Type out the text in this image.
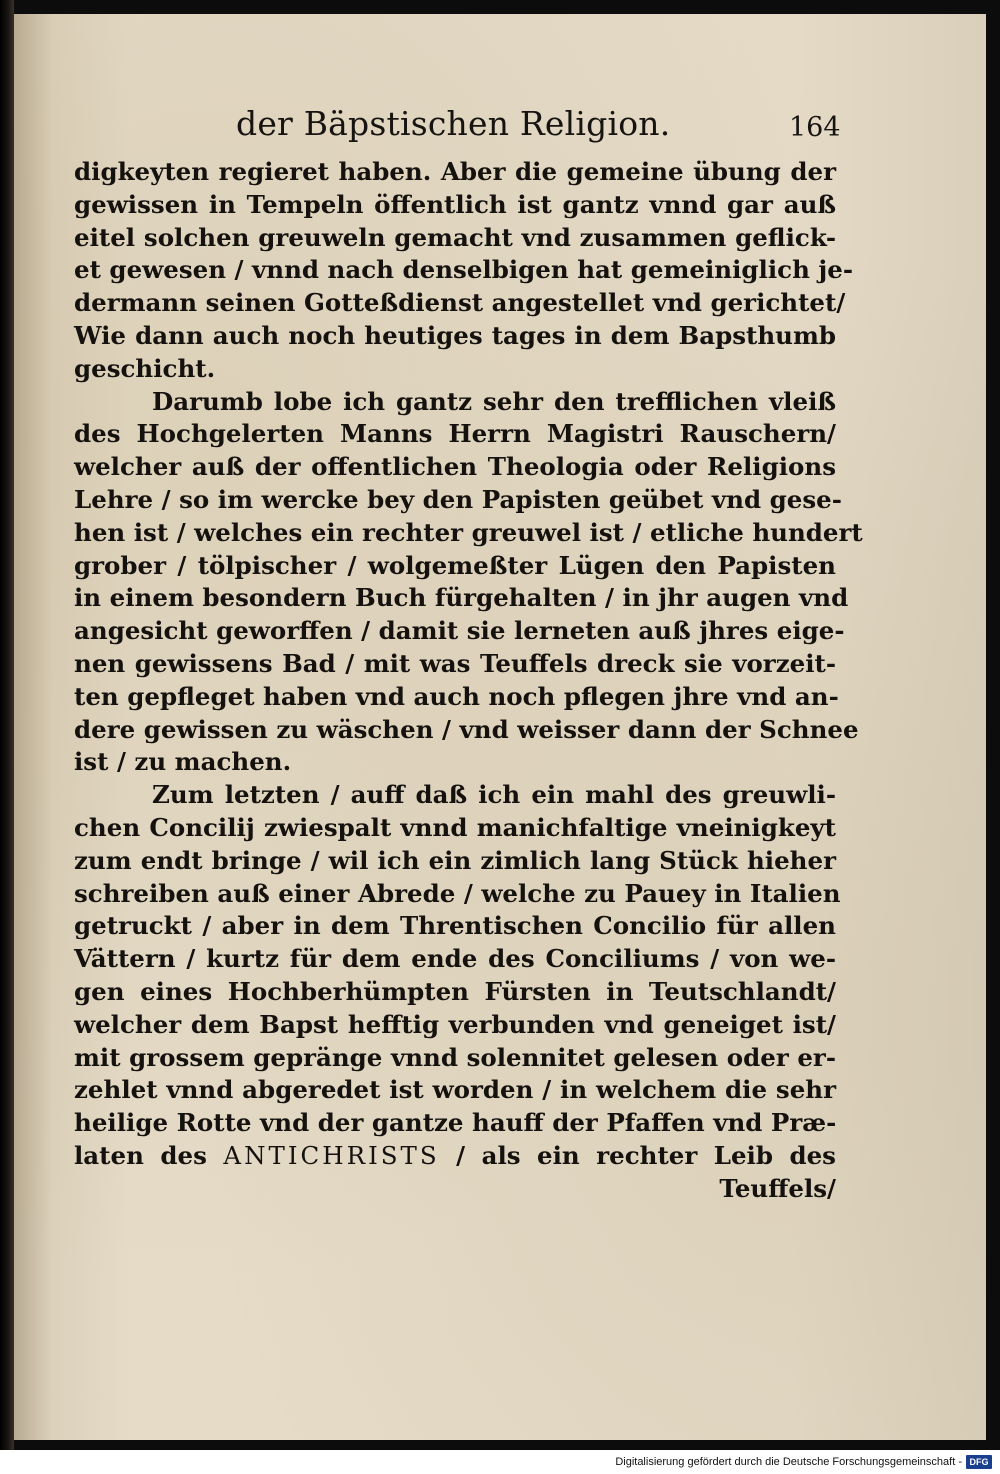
der Bäpstischen Religion.	164
digkeyten regieret haben. Aber die gemeine übung der
gewissen in Tempeln öffentlich ist gantz vnnd gar auß
eitel solchen greuweln gemacht vnd zusammen geflick-
et gewesen / vnnd nach denselbigen hat gemeiniglich je-
dermann seinen Gotteßdienst angestellet vnd gerichtet/
Wie dann auch noch heutiges tages in dem Bapsthumb
geschicht.
Darumb lobe ich gantz sehr den trefflichen vleiß
des Hochgelerten Manns Herrn Magistri Rauschern/
welcher auß der offentlichen Theologia oder Religions
Lehre / so im wercke bey den Papisten geübet vnd gese-
hen ist / welches ein rechter greuwel ist / etliche hundert
grober / tölpischer / wolgemeßter Lügen den Papisten
in einem besondern Buch fürgehalten / in jhr augen vnd
angesicht geworffen / damit sie lerneten auß jhres eige-
nen gewissens Bad / mit was Teuffels dreck sie vorzeit-
ten gepfleget haben vnd auch noch pflegen jhre vnd an-
dere gewissen zu wäschen / vnd weisser dann der Schnee
ist / zu machen.
Zum letzten / auff daß ich ein mahl des greuwli-
chen Concilij zwiespalt vnnd manichfaltige vneinigkeyt
zum endt bringe / wil ich ein zimlich lang Stück hieher
schreiben auß einer Abrede / welche zu Pauey in Italien
getruckt / aber in dem Threntischen Concilio für allen
Vättern / kurtz für dem ende des Conciliums / von we-
gen eines Hochberhümpten Fürsten in Teutschlandt/
welcher dem Bapst hefftig verbunden vnd geneiget ist/
mit grossem gepränge vnnd solennitet gelesen oder er-
zehlet vnnd abgeredet ist worden / in welchem die sehr
heilige Rotte vnd der gantze hauff der Pfaffen vnd Præ-
laten des ANTICHRISTS / als ein rechter Leib des
Teuffels/
Digitalisierung gefördert durch die Deutsche Forschungsgemeinschaft - DFG
